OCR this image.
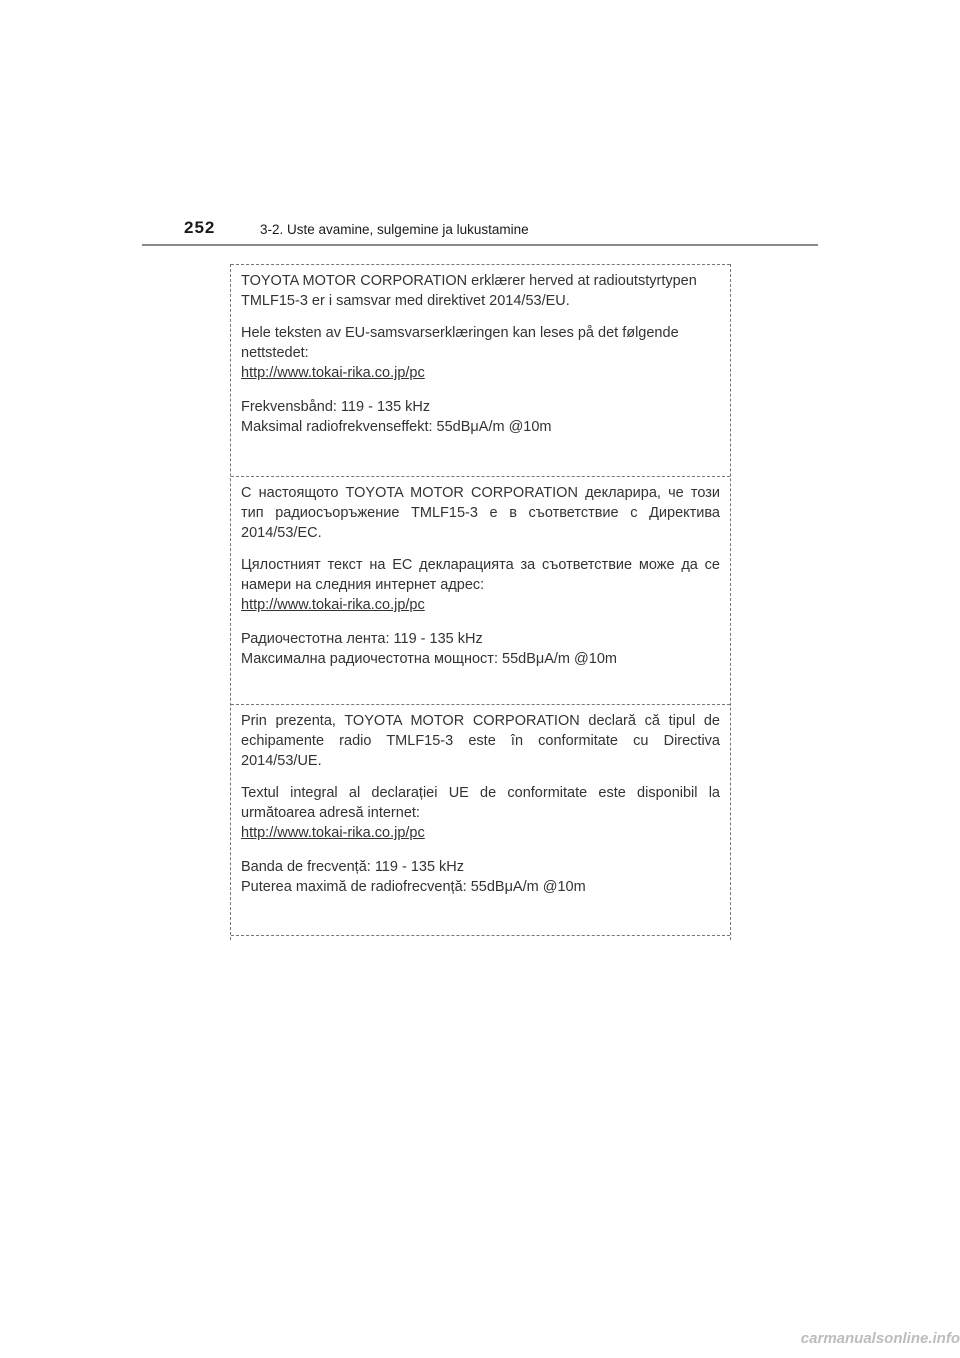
252	3-2. Uste avamine, sulgemine ja lukustamine

TOYOTA MOTOR CORPORATION erklærer herved at radioutstyrtypen TMLF15-3 er i samsvar med direktivet 2014/53/EU.

Hele teksten av EU-samsvarserklæringen kan leses på det følgende nettstedet:

http://www.tokai-rika.co.jp/pc

Frekvensbånd: 119 - 135 kHz

Maksimal radiofrekvenseffekt: 55dBμA/m @10m

С настоящото TOYOTA MOTOR CORPORATION декларира, че този тип радиосъоръжение TMLF15-3 е в съответствие с Директива 2014/53/ЕС.

Цялостният текст на ЕС декларацията за съответствие може да се намери на следния интернет адрес:

http://www.tokai-rika.co.jp/pc

Радиочестотна лента: 119 - 135 kHz

Максимална радиочестотна мощност: 55dBμA/m @10m

Prin prezenta, TOYOTA MOTOR CORPORATION declară că tipul de echipamente radio TMLF15-3 este în conformitate cu Directiva 2014/53/UE.

Textul integral al declarației UE de conformitate este disponibil la următoarea adresă internet:

http://www.tokai-rika.co.jp/pc

Banda de frecvență: 119 - 135 kHz

Puterea maximă de radiofrecvență: 55dBμA/m @10m

carmanualsonline.info
